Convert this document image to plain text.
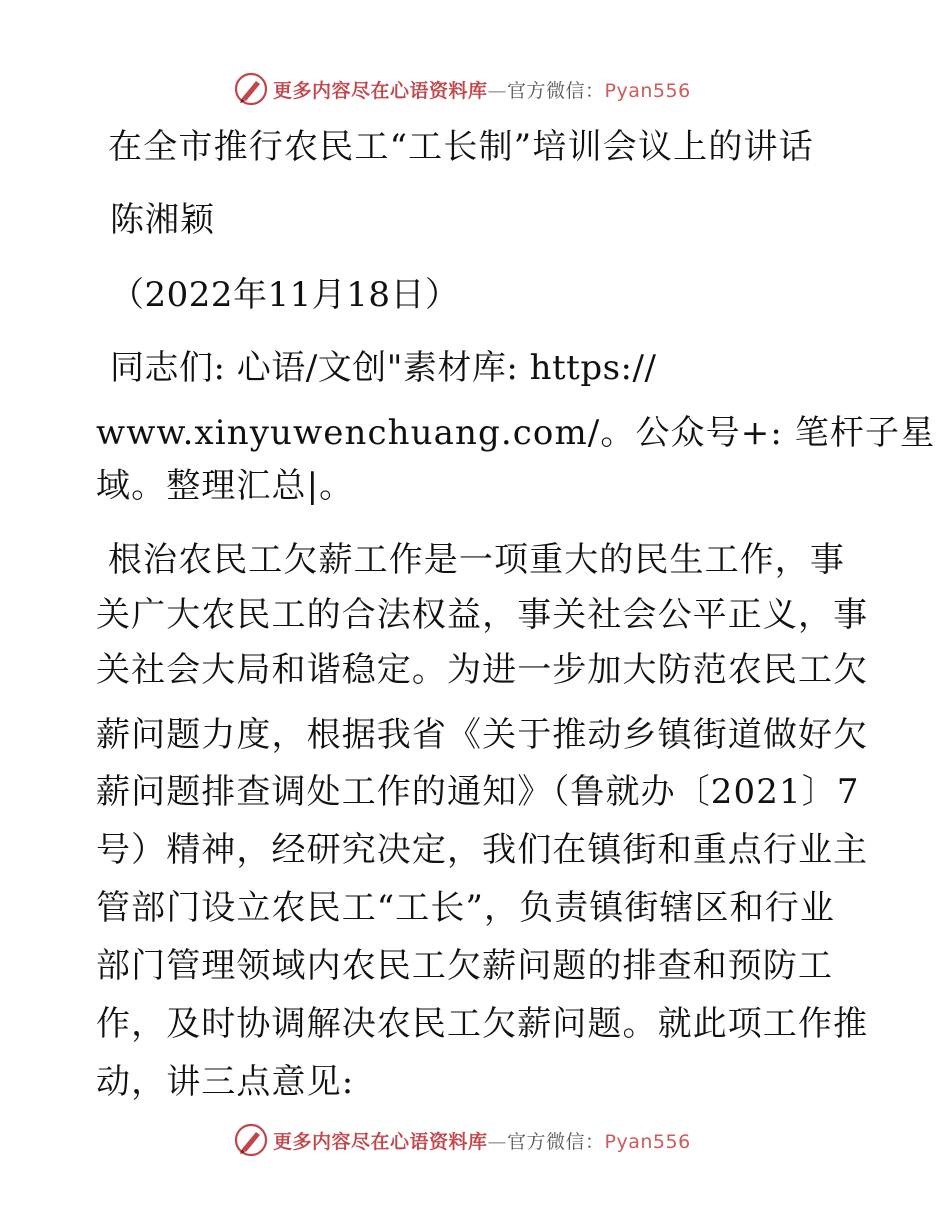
更多内容尽在心语资料库—官方微信：Pyan556
在全市推行农民工“工长制”培训会议上的讲话
陈湘颖
（2022年11月18日）
同志们: 心语/文创"素材库: https://
www.xinyuwenchuang.com/。公众号+: 笔杆子星
域。整理汇总|。
根治农民工欠薪工作是一项重大的民生工作，事
关广大农民工的合法权益，事关社会公平正义，事
关社会大局和谐稳定。为进一步加大防范农民工欠
薪问题力度，根据我省《关于推动乡镇街道做好欠
薪问题排查调处工作的通知》（鲁就办〔2021〕7
号）精神，经研究决定，我们在镇街和重点行业主
管部门设立农民工“工长”，负责镇街辖区和行业
部门管理领域内农民工欠薪问题的排查和预防工
作，及时协调解决农民工欠薪问题。就此项工作推
动，讲三点意见:
更多内容尽在心语资料库—官方微信：Pyan556
